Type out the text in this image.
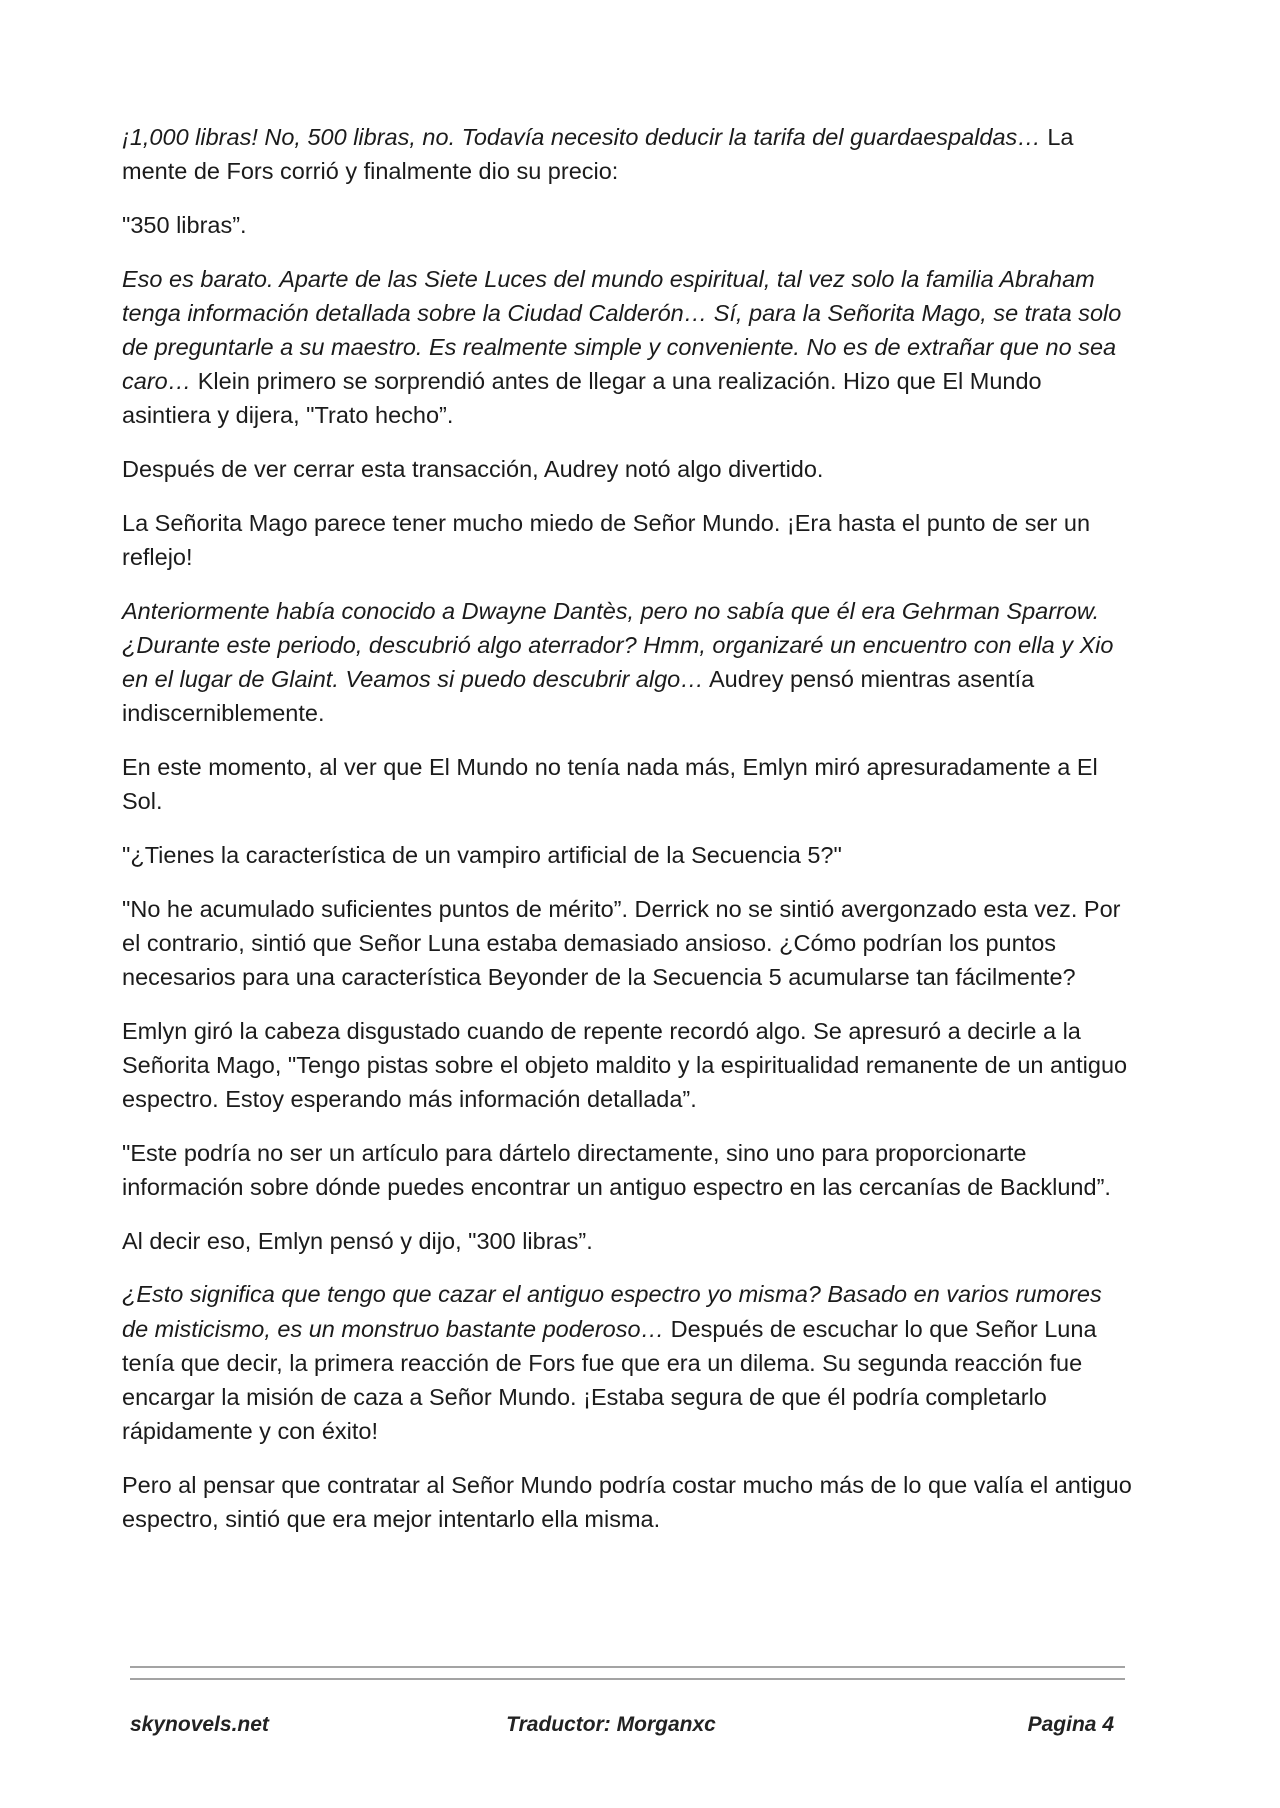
¡1,000 libras! No, 500 libras, no. Todavía necesito deducir la tarifa del guardaespaldas… La mente de Fors corrió y finalmente dio su precio:

"350 libras”.

Eso es barato. Aparte de las Siete Luces del mundo espiritual, tal vez solo la familia Abraham tenga información detallada sobre la Ciudad Calderón… Sí, para la Señorita Mago, se trata solo de preguntarle a su maestro. Es realmente simple y conveniente. No es de extrañar que no sea caro… Klein primero se sorprendió antes de llegar a una realización. Hizo que El Mundo asintiera y dijera, "Trato hecho”.

Después de ver cerrar esta transacción, Audrey notó algo divertido.

La Señorita Mago parece tener mucho miedo de Señor Mundo. ¡Era hasta el punto de ser un reflejo!

Anteriormente había conocido a Dwayne Dantès, pero no sabía que él era Gehrman Sparrow. ¿Durante este periodo, descubrió algo aterrador? Hmm, organizaré un encuentro con ella y Xio en el lugar de Glaint. Veamos si puedo descubrir algo… Audrey pensó mientras asentía indiscerniblemente.

En este momento, al ver que El Mundo no tenía nada más, Emlyn miró apresuradamente a El Sol.

"¿Tienes la característica de un vampiro artificial de la Secuencia 5?"

"No he acumulado suficientes puntos de mérito”. Derrick no se sintió avergonzado esta vez. Por el contrario, sintió que Señor Luna estaba demasiado ansioso. ¿Cómo podrían los puntos necesarios para una característica Beyonder de la Secuencia 5 acumularse tan fácilmente?

Emlyn giró la cabeza disgustado cuando de repente recordó algo. Se apresuró a decirle a la Señorita Mago, "Tengo pistas sobre el objeto maldito y la espiritualidad remanente de un antiguo espectro. Estoy esperando más información detallada”.

"Este podría no ser un artículo para dártelo directamente, sino uno para proporcionarte información sobre dónde puedes encontrar un antiguo espectro en las cercanías de Backlund”.

Al decir eso, Emlyn pensó y dijo, "300 libras”.

¿Esto significa que tengo que cazar el antiguo espectro yo misma? Basado en varios rumores de misticismo, es un monstruo bastante poderoso… Después de escuchar lo que Señor Luna tenía que decir, la primera reacción de Fors fue que era un dilema. Su segunda reacción fue encargar la misión de caza a Señor Mundo. ¡Estaba segura de que él podría completarlo rápidamente y con éxito!

Pero al pensar que contratar al Señor Mundo podría costar mucho más de lo que valía el antiguo espectro, sintió que era mejor intentarlo ella misma.

skynovels.net	Traductor: Morganxc	Pagina 4
